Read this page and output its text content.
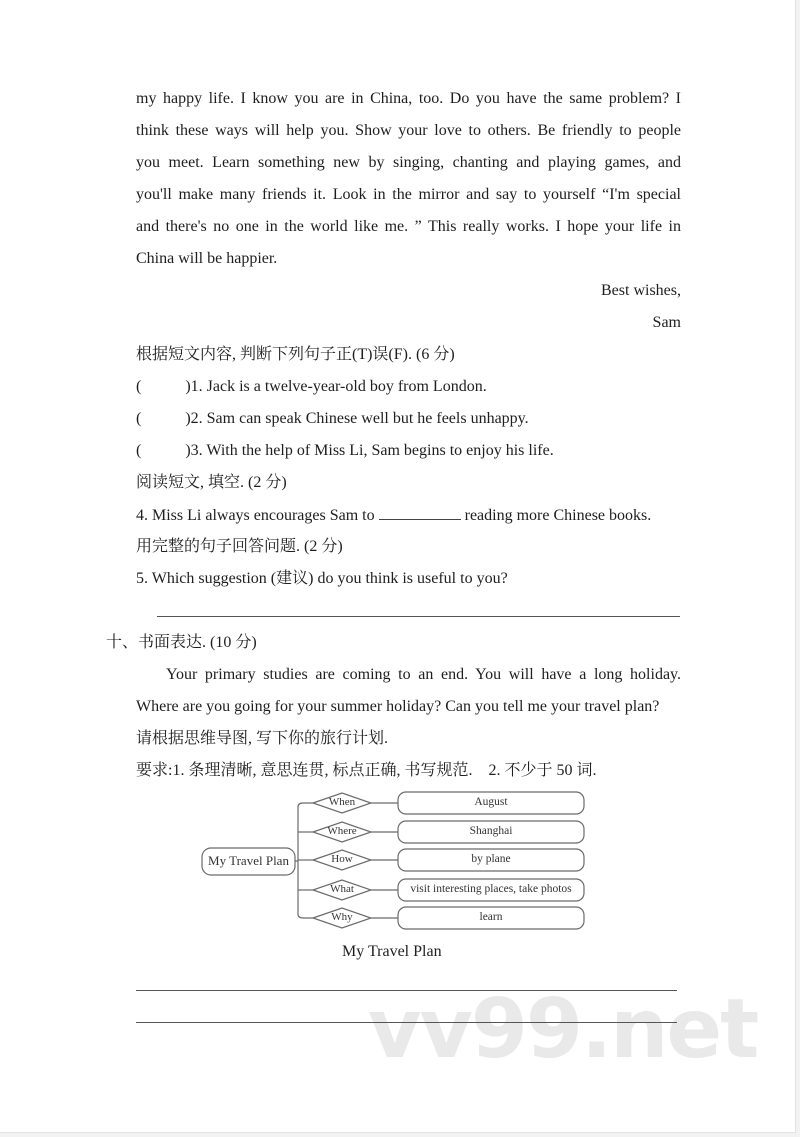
my happy life. I know you are in China, too. Do you have the same problem? I
think these ways will help you. Show your love to others. Be friendly to people
you meet. Learn something new by singing, chanting and playing games, and
you'll make many friends it. Look in the mirror and say to yourself “I'm special
and there's no one in the world like me. ” This really works. I hope your life in
China will be happier.
Best wishes,
Sam
根据短文内容, 判断下列句子正(T)误(F). (6 分)
(	)1. Jack is a twelve-year-old boy from London.
(	)2. Sam can speak Chinese well but he feels unhappy.
(	)3. With the help of Miss Li, Sam begins to enjoy his life.
阅读短文, 填空. (2 分)
4. Miss Li always encourages Sam to	reading more Chinese books.
用完整的句子回答问题. (2 分)
5. Which suggestion (建议) do you think is useful to you?
十、书面表达. (10 分)
Your primary studies are coming to an end. You will have a long holiday.
Where are you going for your summer holiday? Can you tell me your travel plan?
请根据思维导图, 写下你的旅行计划.
要求:1. 条理清晰, 意思连贯, 标点正确, 书写规范.    2. 不少于 50 词.
My Travel Plan
When
Where
How
What
Why
August
Shanghai
by plane
visit interesting places, take photos
learn
My Travel Plan
vv99.net
